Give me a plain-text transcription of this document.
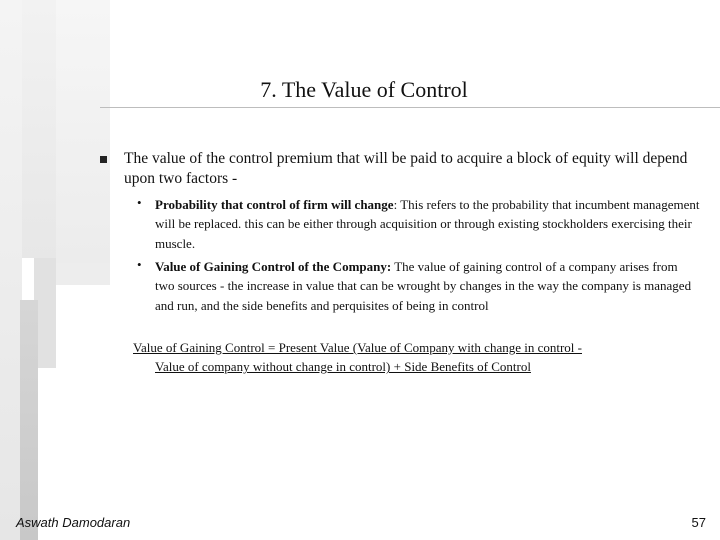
7. The Value of Control
The value of the control premium that will be paid to acquire a block of equity will depend upon two factors -
• Probability that control of firm will change: This refers to the probability that incumbent management will be replaced. this can be either through acquisition or through existing stockholders exercising their muscle.
• Value of Gaining Control of the Company: The value of gaining control of a company arises from two sources - the increase in value that can be wrought by changes in the way the company is managed and run, and the side benefits and perquisites of being in control
Value of Gaining Control = Present Value (Value of Company with change in control -
Value of company without change in control) + Side Benefits of Control
Aswath Damodaran	57
